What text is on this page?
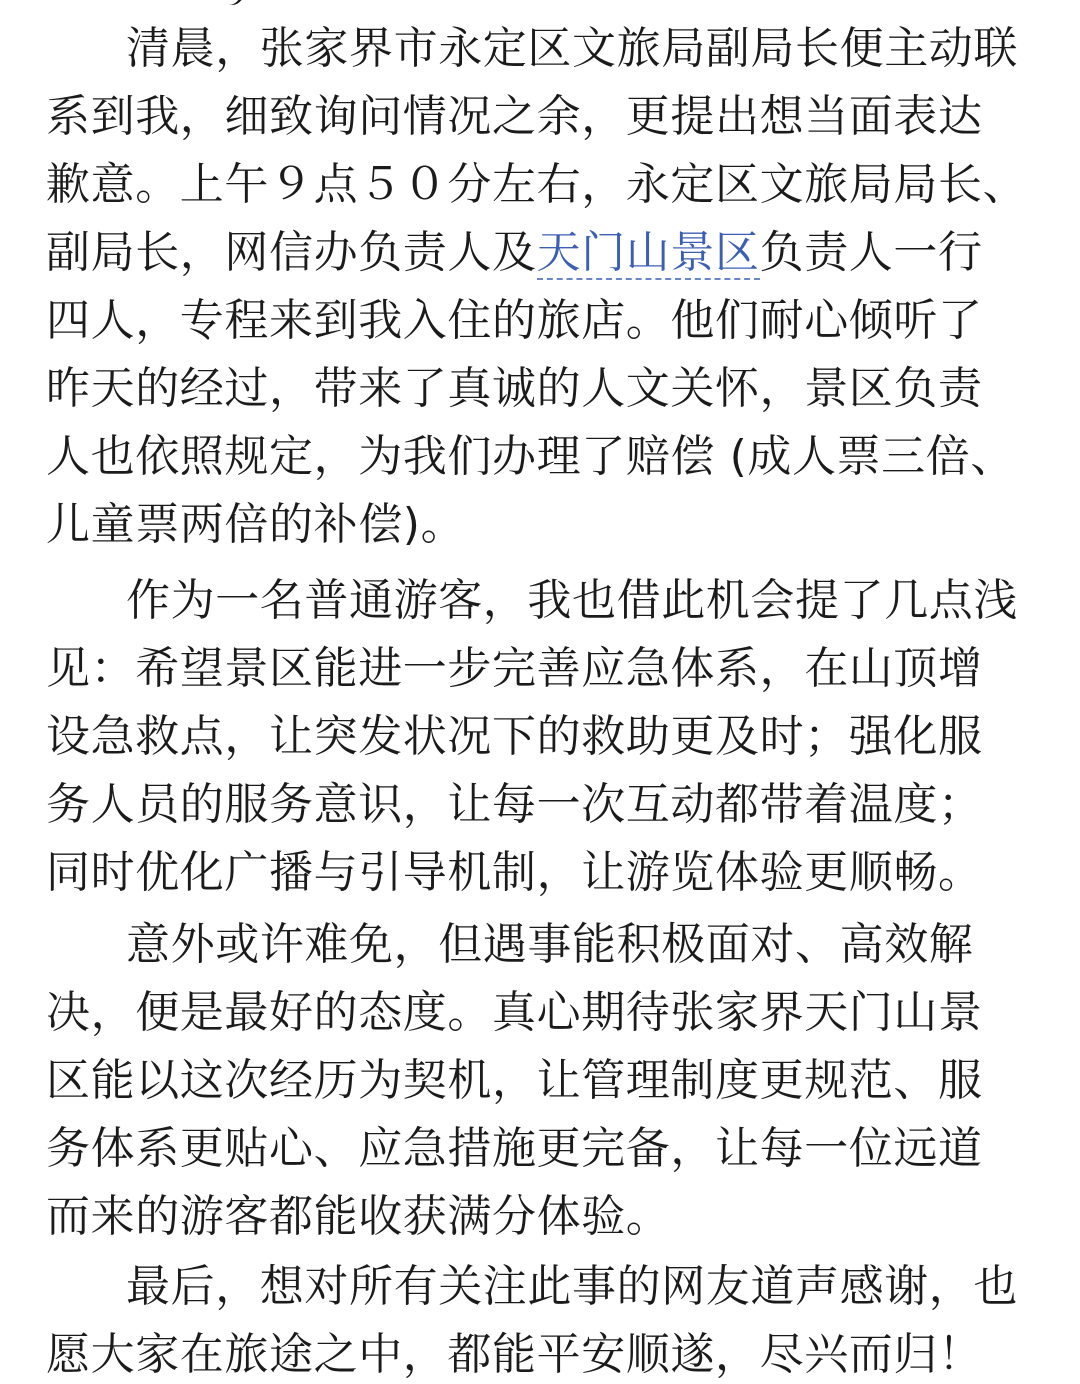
清晨，张家界市永定区文旅局副局长便主动联
系到我，细致询问情况之余，更提出想当面表达
歉意。上午９点５０分左右，永定区文旅局局长、
副局长，网信办负责人及天门山景区负责人一行
四人，专程来到我入住的旅店。他们耐心倾听了
昨天的经过，带来了真诚的人文关怀，景区负责
人也依照规定，为我们办理了赔偿 (成人票三倍、
儿童票两倍的补偿)。
作为一名普通游客，我也借此机会提了几点浅
见：希望景区能进一步完善应急体系，在山顶增
设急救点，让突发状况下的救助更及时；强化服
务人员的服务意识，让每一次互动都带着温度；
同时优化广播与引导机制，让游览体验更顺畅。
意外或许难免，但遇事能积极面对、高效解
决，便是最好的态度。真心期待张家界天门山景
区能以这次经历为契机，让管理制度更规范、服
务体系更贴心、应急措施更完备，让每一位远道
而来的游客都能收获满分体验。
最后，想对所有关注此事的网友道声感谢，也
愿大家在旅途之中，都能平安顺遂，尽兴而归！
